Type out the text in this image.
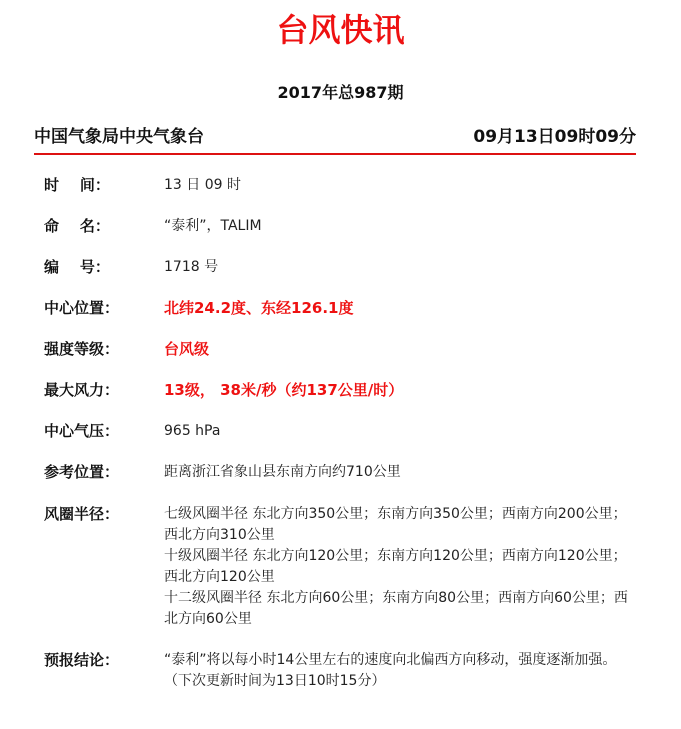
台风快讯
2017年总987期
中国气象局中央气象台	09月13日09时09分
时    间：	13 日 09 时
命    名：	“泰利”，TALIM
编    号：	1718 号
中心位置：	北纬24.2度、东经126.1度
强度等级：	台风级
最大风力：	13级， 38米/秒（约137公里/时）
中心气压：	965 hPa
参考位置：	距离浙江省象山县东南方向约710公里
风圈半径：	七级风圈半径 东北方向350公里；东南方向350公里；西南方向200公里；西北方向310公里
十级风圈半径 东北方向120公里；东南方向120公里；西南方向120公里；西北方向120公里
十二级风圈半径 东北方向60公里；东南方向80公里；西南方向60公里；西北方向60公里
预报结论：	“泰利”将以每小时14公里左右的速度向北偏西方向移动，强度逐渐加强。
（下次更新时间为13日10时15分）
